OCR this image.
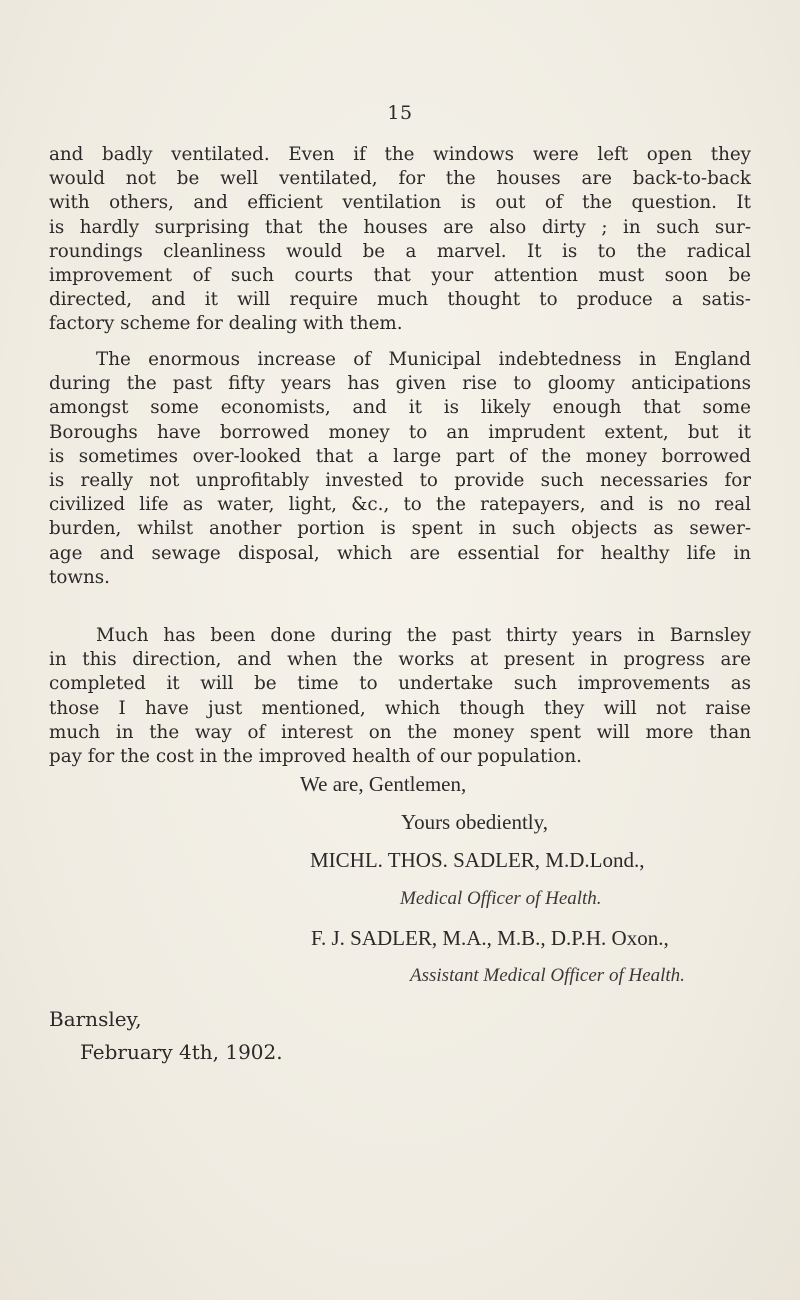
15
and badly ventilated. Even if the windows were left open they
would not be well ventilated, for the houses are back-to-back
with others, and efficient ventilation is out of the question. It
is hardly surprising that the houses are also dirty ; in such sur-
roundings cleanliness would be a marvel. It is to the radical
improvement of such courts that your attention must soon be
directed, and it will require much thought to produce a satis-
factory scheme for dealing with them.
The enormous increase of Municipal indebtedness in England
during the past fifty years has given rise to gloomy anticipations
amongst some economists, and it is likely enough that some
Boroughs have borrowed money to an imprudent extent, but it
is sometimes over-looked that a large part of the money borrowed
is really not unprofitably invested to provide such necessaries for
civilized life as water, light, &c., to the ratepayers, and is no real
burden, whilst another portion is spent in such objects as sewer-
age and sewage disposal, which are essential for healthy life in
towns.
Much has been done during the past thirty years in Barnsley
in this direction, and when the works at present in progress are
completed it will be time to undertake such improvements as
those I have just mentioned, which though they will not raise
much in the way of interest on the money spent will more than
pay for the cost in the improved health of our population.
We are, Gentlemen,
Yours obediently,
MICHL. THOS. SADLER, M.D.Lond.,
Medical Officer of Health.
F. J. SADLER, M.A., M.B., D.P.H. Oxon.,
Assistant Medical Officer of Health.
Barnsley,
February 4th, 1902.
